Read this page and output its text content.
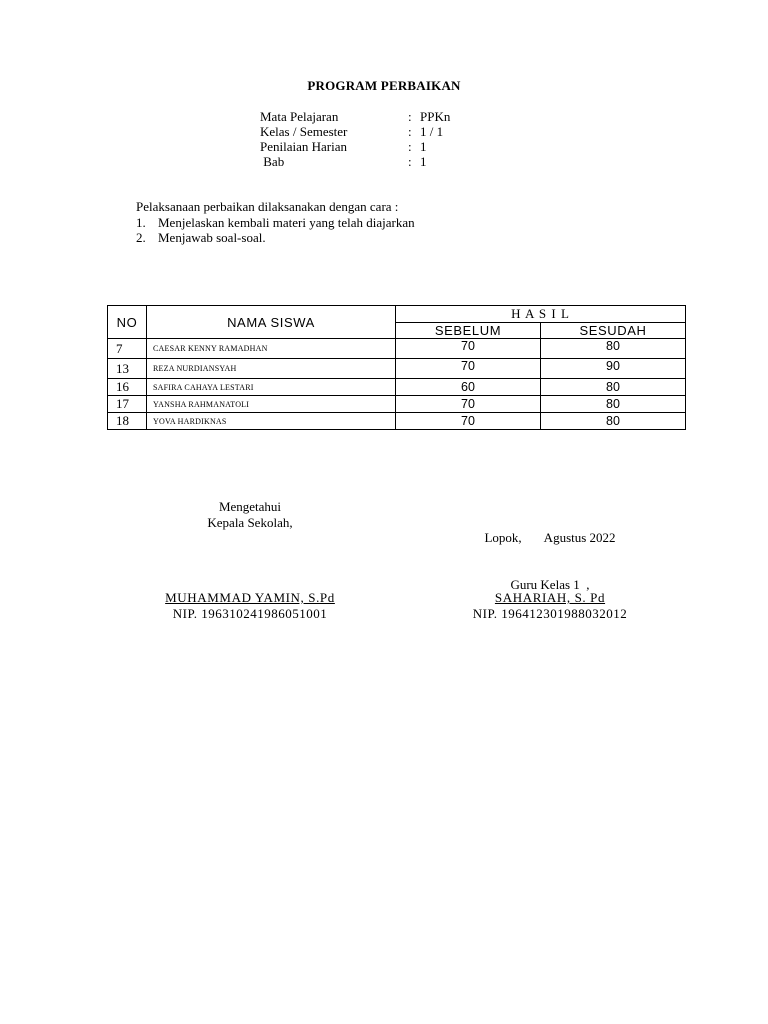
PROGRAM PERBAIKAN
Mata Pelajaran	: PPKn
Kelas / Semester	: 1 / 1
Penilaian Harian	: 1
Bab	: 1
Pelaksanaan perbaikan dilaksanakan dengan cara :
1. Menjelaskan kembali materi yang telah diajarkan
2. Menjawab soal-soal.
NO	NAMA SISWA	H A S I L	
		SEBELUM	SESUDAH
7	CAESAR KENNY RAMADHAN	70	80
13	REZA NURDIANSYAH	70	90
16	SAFIRA CAHAYA LESTARI	60	80
17	YANSHA RAHMANATOLI	70	80
18	YOVA HARDIKNAS	70	80
Mengetahui
Kepala Sekolah,

Lopok,       Agustus 2022

Guru Kelas 1  ,

MUHAMMAD YAMIN, S.Pd
NIP. 196310241986051001
SAHARIAH, S. Pd
NIP. 196412301988032012
